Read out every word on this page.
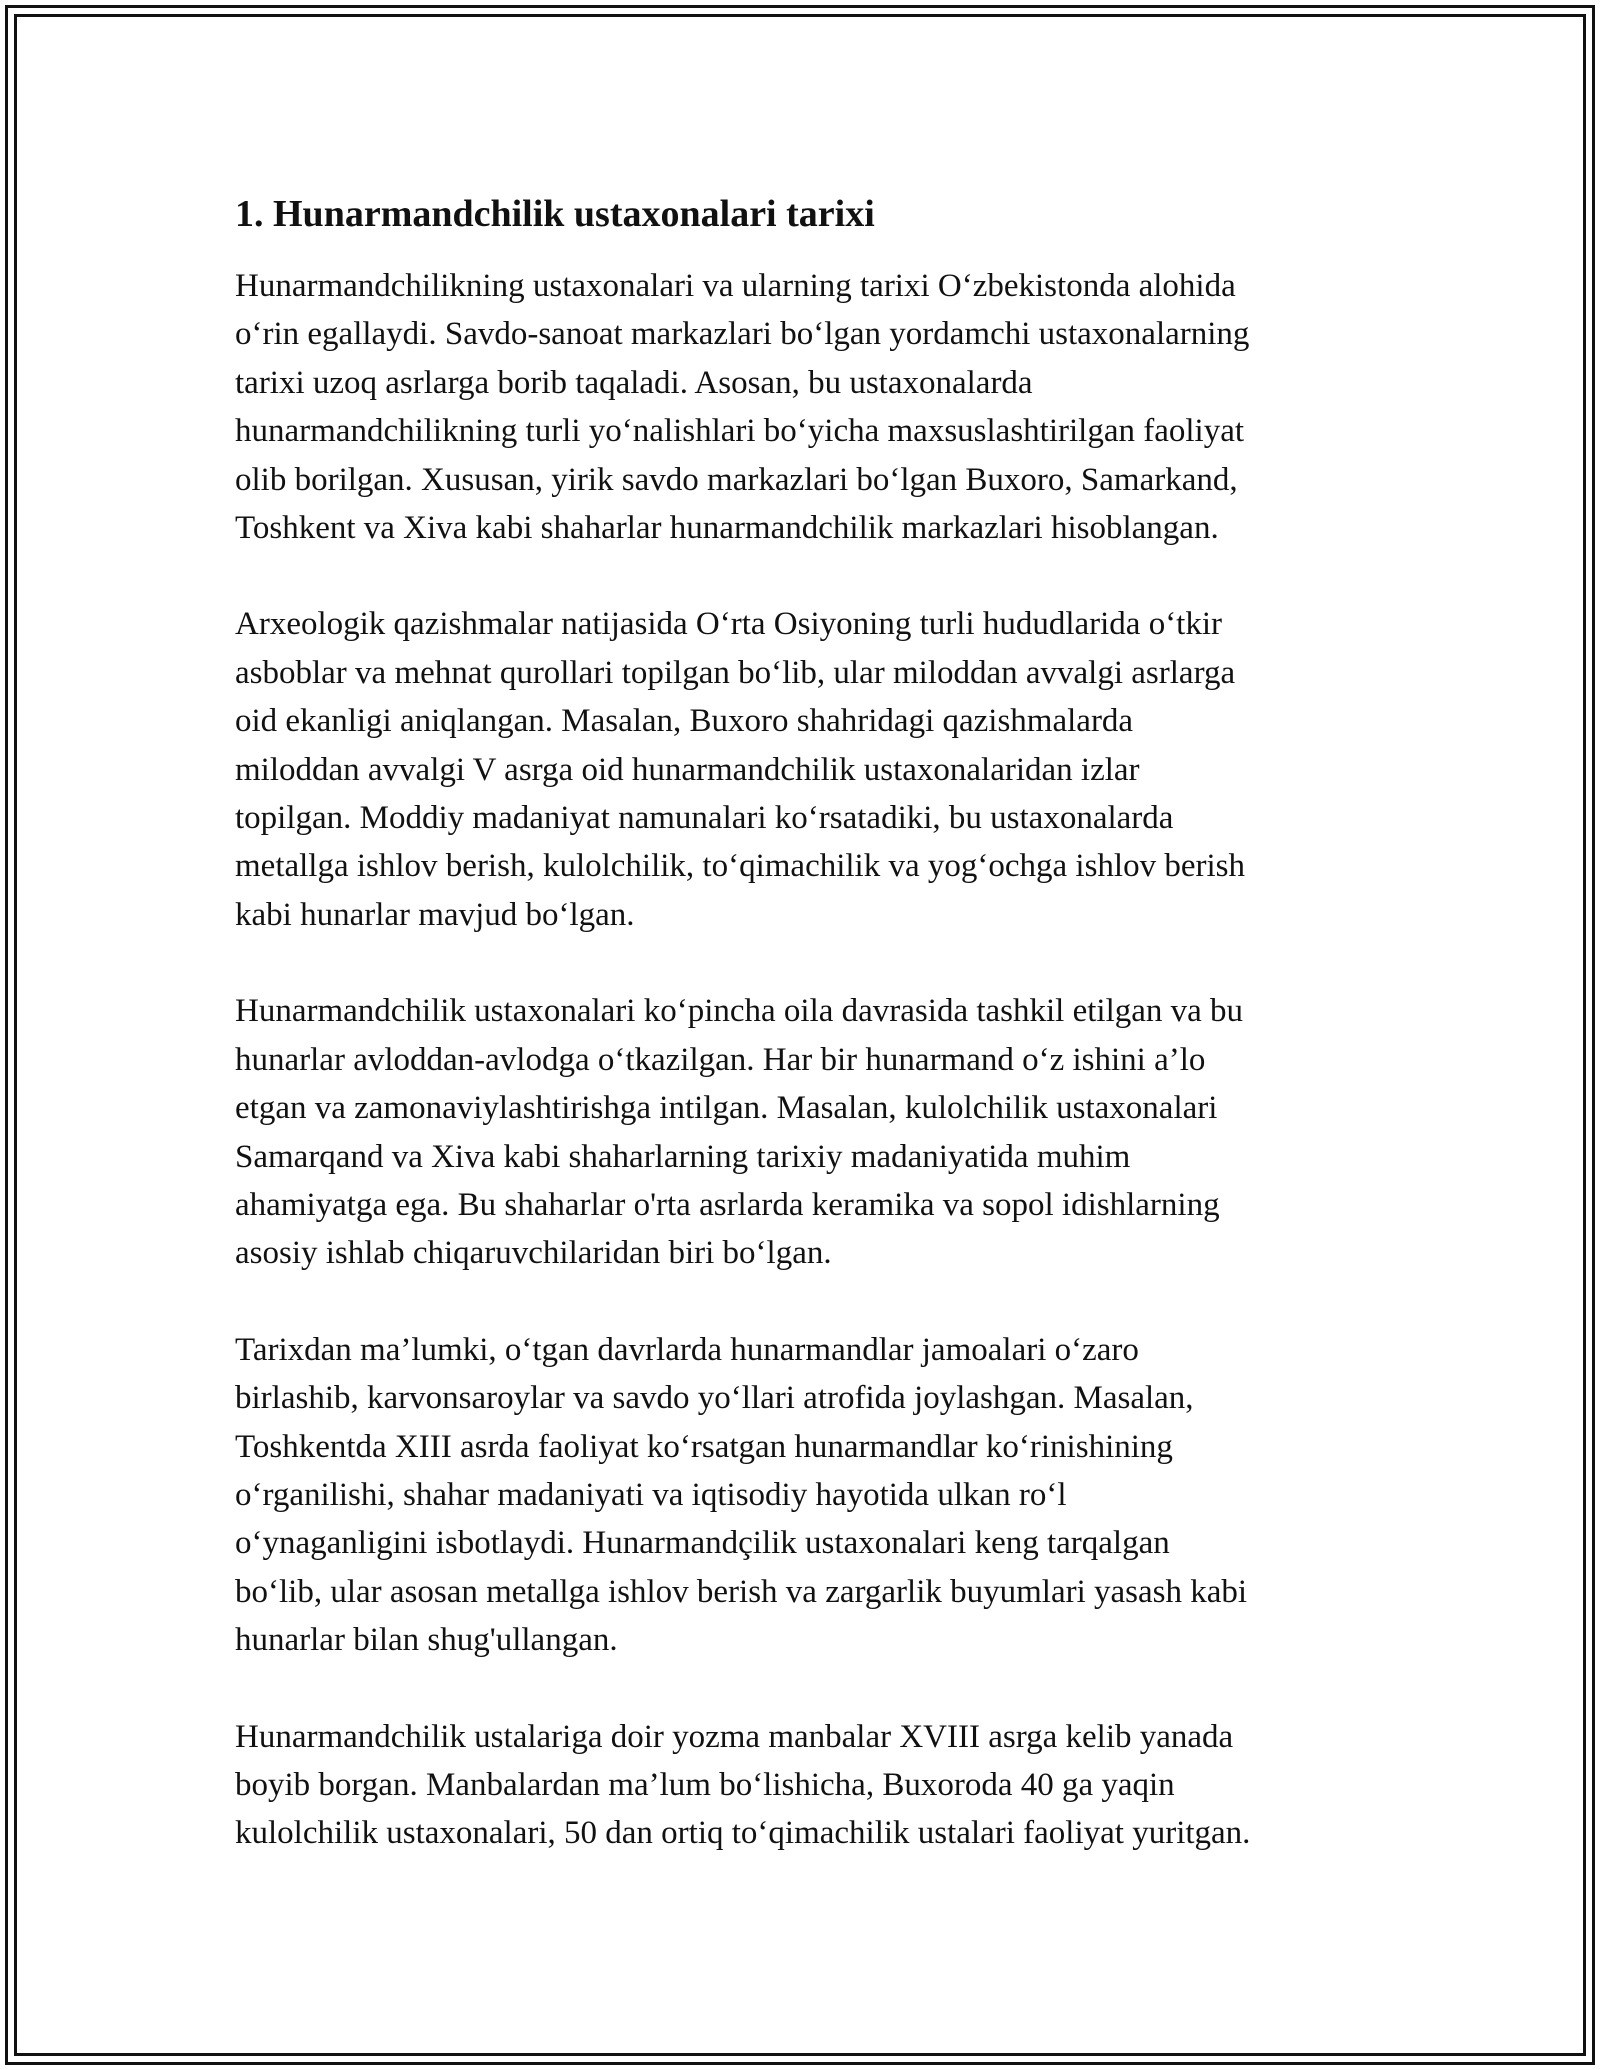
1. Hunarmandchilik ustaxonalari tarixi

Hunarmandchilikning ustaxonalari va ularning tarixi O‘zbekistonda alohida
o‘rin egallaydi. Savdo-sanoat markazlari bo‘lgan yordamchi ustaxonalarning
tarixi uzoq asrlarga borib taqaladi. Asosan, bu ustaxonalarda
hunarmandchilikning turli yo‘nalishlari bo‘yicha maxsuslashtirilgan faoliyat
olib borilgan. Xususan, yirik savdo markazlari bo‘lgan Buxoro, Samarkand,
Toshkent va Xiva kabi shaharlar hunarmandchilik markazlari hisoblangan.

Arxeologik qazishmalar natijasida O‘rta Osiyoning turli hududlarida o‘tkir
asboblar va mehnat qurollari topilgan bo‘lib, ular miloddan avvalgi asrlarga
oid ekanligi aniqlangan. Masalan, Buxoro shahridagi qazishmalarda
miloddan avvalgi V asrga oid hunarmandchilik ustaxonalaridan izlar
topilgan. Moddiy madaniyat namunalari ko‘rsatadiki, bu ustaxonalarda
metallga ishlov berish, kulolchilik, to‘qimachilik va yog‘ochga ishlov berish
kabi hunarlar mavjud bo‘lgan.

Hunarmandchilik ustaxonalari ko‘pincha oila davrasida tashkil etilgan va bu
hunarlar avloddan-avlodga o‘tkazilgan. Har bir hunarmand o‘z ishini a’lo
etgan va zamonaviylashtirishga intilgan. Masalan, kulolchilik ustaxonalari
Samarqand va Xiva kabi shaharlarning tarixiy madaniyatida muhim
ahamiyatga ega. Bu shaharlar o'rta asrlarda keramika va sopol idishlarning
asosiy ishlab chiqaruvchilaridan biri bo‘lgan.

Tarixdan ma’lumki, o‘tgan davrlarda hunarmandlar jamoalari o‘zaro
birlashib, karvonsaroylar va savdo yo‘llari atrofida joylashgan. Masalan,
Toshkentda XIII asrda faoliyat ko‘rsatgan hunarmandlar ko‘rinishining
o‘rganilishi, shahar madaniyati va iqtisodiy hayotida ulkan ro‘l
o‘ynaganligini isbotlaydi. Hunarmandçilik ustaxonalari keng tarqalgan
bo‘lib, ular asosan metallga ishlov berish va zargarlik buyumlari yasash kabi
hunarlar bilan shug'ullangan.

Hunarmandchilik ustalariga doir yozma manbalar XVIII asrga kelib yanada
boyib borgan. Manbalardan ma’lum bo‘lishicha, Buxoroda 40 ga yaqin
kulolchilik ustaxonalari, 50 dan ortiq to‘qimachilik ustalari faoliyat yuritgan.
